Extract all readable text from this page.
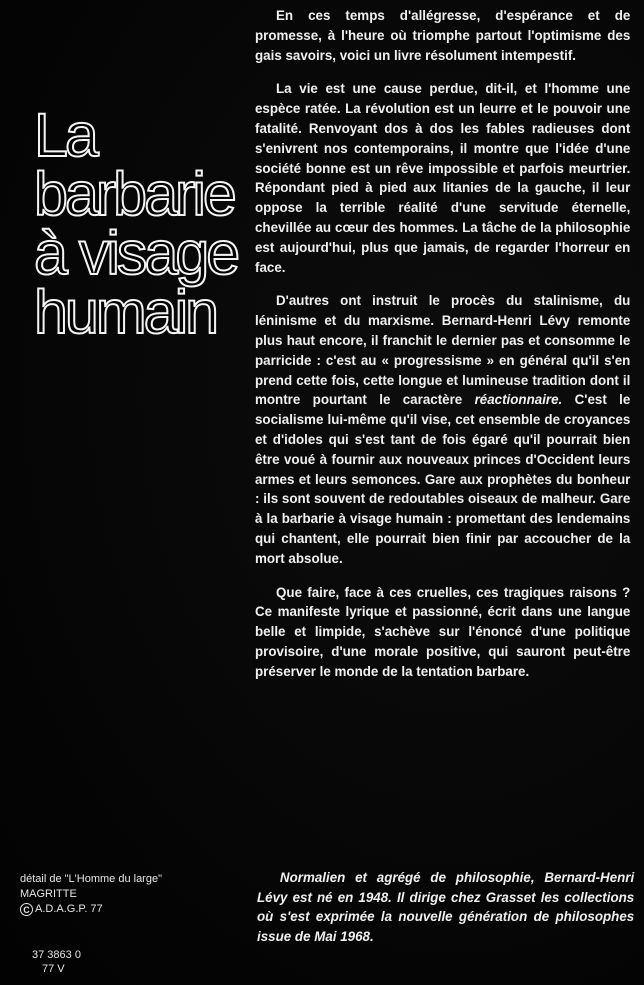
La
barbarie
à visage
humain

En ces temps d'allégresse, d'espérance et de promesse, à l'heure où triomphe partout l'optimisme des gais savoirs, voici un livre résolument intempestif.

La vie est une cause perdue, dit-il, et l'homme une espèce ratée. La révolution est un leurre et le pouvoir une fatalité. Renvoyant dos à dos les fables radieuses dont s'enivrent nos contemporains, il montre que l'idée d'une société bonne est un rêve impossible et parfois meurtrier. Répondant pied à pied aux litanies de la gauche, il leur oppose la terrible réalité d'une servitude éternelle, chevillée au cœur des hommes. La tâche de la philosophie est aujourd'hui, plus que jamais, de regarder l'horreur en face.

D'autres ont instruit le procès du stalinisme, du léninisme et du marxisme. Bernard-Henri Lévy remonte plus haut encore, il franchit le dernier pas et consomme le parricide : c'est au « progressisme » en général qu'il s'en prend cette fois, cette longue et lumineuse tradition dont il montre pourtant le caractère réactionnaire. C'est le socialisme lui-même qu'il vise, cet ensemble de croyances et d'idoles qui s'est tant de fois égaré qu'il pourrait bien être voué à fournir aux nouveaux princes d'Occident leurs armes et leurs semonces. Gare aux prophètes du bonheur : ils sont souvent de redoutables oiseaux de malheur. Gare à la barbarie à visage humain : promettant des lendemains qui chantent, elle pourrait bien finir par accoucher de la mort absolue.

Que faire, face à ces cruelles, ces tragiques raisons ? Ce manifeste lyrique et passionné, écrit dans une langue belle et limpide, s'achève sur l'énoncé d'une politique provisoire, d'une morale positive, qui sauront peut-être préserver le monde de la tentation barbare.

Normalien et agrégé de philosophie, Bernard-Henri Lévy est né en 1948. Il dirige chez Grasset les collections où s'est exprimée la nouvelle génération de philosophes issue de Mai 1968.

détail de "L'Homme du large"
MAGRITTE
C A.D.A.G.P. 77
37 3863 0
77 V
